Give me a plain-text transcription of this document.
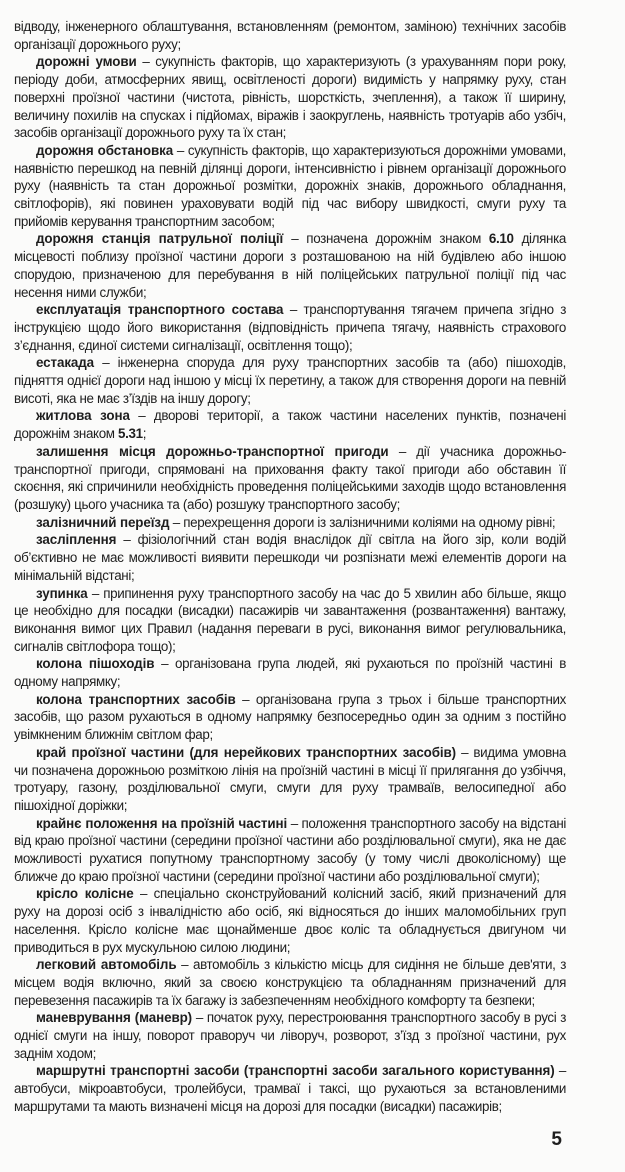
відводу, інженерного облаштування, встановленням (ремонтом, заміною) технічних засобів організації дорожнього руху;

дорожні умови – сукупність факторів, що характеризують (з урахуванням пори року, періоду доби, атмосферних явищ, освітленості дороги) видимість у напрямку руху, стан поверхні проїзної частини (чистота, рівність, шорсткість, зчеплення), а також її ширину, величину похилів на спусках і підйомах, віражів і заокруглень, наявність тротуарів або узбіч, засобів організації дорожнього руху та їх стан;

дорожня обстановка – сукупність факторів, що характеризуються дорожніми умовами, наявністю перешкод на певній ділянці дороги, інтенсивністю і рівнем організації дорожнього руху (наявність та стан дорожньої розмітки, дорожніх знаків, дорожнього обладнання, світлофорів), які повинен ураховувати водій під час вибору швидкості, смуги руху та прийомів керування транспортним засобом;

дорожня станція патрульної поліції – позначена дорожнім знаком 6.10 ділянка місцевості поблизу проїзної частини дороги з розташованою на ній будівлею або іншою спорудою, призначеною для перебування в ній поліцейських патрульної поліції під час несення ними служби;

експлуатація транспортного состава – транспортування тягачем причепа згідно з інструкцією щодо його використання (відповідність причепа тягачу, наявність страхового з’єднання, єдиної системи сигналізації, освітлення тощо);

естакада – інженерна споруда для руху транспортних засобів та (або) пішоходів, підняття однієї дороги над іншою у місці їх перетину, а також для створення дороги на певній висоті, яка не має з’їздів на іншу дорогу;

житлова зона – дворові території, а також частини населених пунктів, позначені дорожнім знаком 5.31;

залишення місця дорожньо-транспортної пригоди – дії учасника дорожньо-транспортної пригоди, спрямовані на приховання факту такої пригоди або обставин її скоєння, які спричинили необхідність проведення поліцейськими заходів щодо встановлення (розшуку) цього учасника та (або) розшуку транспортного засобу;

залізничний переїзд – перехрещення дороги із залізничними коліями на одному рівні;

засліплення – фізіологічний стан водія внаслідок дії світла на його зір, коли водій об’єктивно не має можливості виявити перешкоди чи розпізнати межі елементів дороги на мінімальній відстані;

зупинка – припинення руху транспортного засобу на час до 5 хвилин або більше, якщо це необхідно для посадки (висадки) пасажирів чи завантаження (розвантаження) вантажу, виконання вимог цих Правил (надання переваги в русі, виконання вимог регулювальника, сигналів світлофора тощо);

колона пішоходів – організована група людей, які рухаються по проїзній частині в одному напрямку;

колона транспортних засобів – організована група з трьох і більше транспортних засобів, що разом рухаються в одному напрямку безпосередньо один за одним з постійно увімкненим ближнім світлом фар;

край проїзної частини (для нерейкових транспортних засобів) – видима умовна чи позначена дорожньою розміткою лінія на проїзній частині в місці її прилягання до узбіччя, тротуару, газону, розділювальної смуги, смуги для руху трамваїв, велосипедної або пішохідної доріжки;

крайнє положення на проїзній частині – положення транспортного засобу на відстані від краю проїзної частини (середини проїзної частини або розділювальної смуги), яка не дає можливості рухатися попутному транспортному засобу (у тому числі двоколісному) ще ближче до краю проїзної частини (середини проїзної частини або розділювальної смуги);

крісло колісне – спеціально сконструйований колісний засіб, який призначений для руху на дорозі осіб з інвалідністю або осіб, які відносяться до інших маломобільних груп населення. Крісло колісне має щонайменше двоє коліс та обладнується двигуном чи приводиться в рух мускульною силою людини;

легковий автомобіль – автомобіль з кількістю місць для сидіння не більше дев'яти, з місцем водія включно, який за своєю конструкцією та обладнанням призначений для перевезення пасажирів та їх багажу із забезпеченням необхідного комфорту та безпеки;

маневрування (маневр) – початок руху, перестроювання транспортного засобу в русі з однієї смуги на іншу, поворот праворуч чи ліворуч, розворот, з’їзд з проїзної частини, рух заднім ходом;

маршрутні транспортні засоби (транспортні засоби загального користування) – автобуси, мікроавтобуси, тролейбуси, трамваї і таксі, що рухаються за встановленими маршрутами та мають визначені місця на дорозі для посадки (висадки) пасажирів;

5
